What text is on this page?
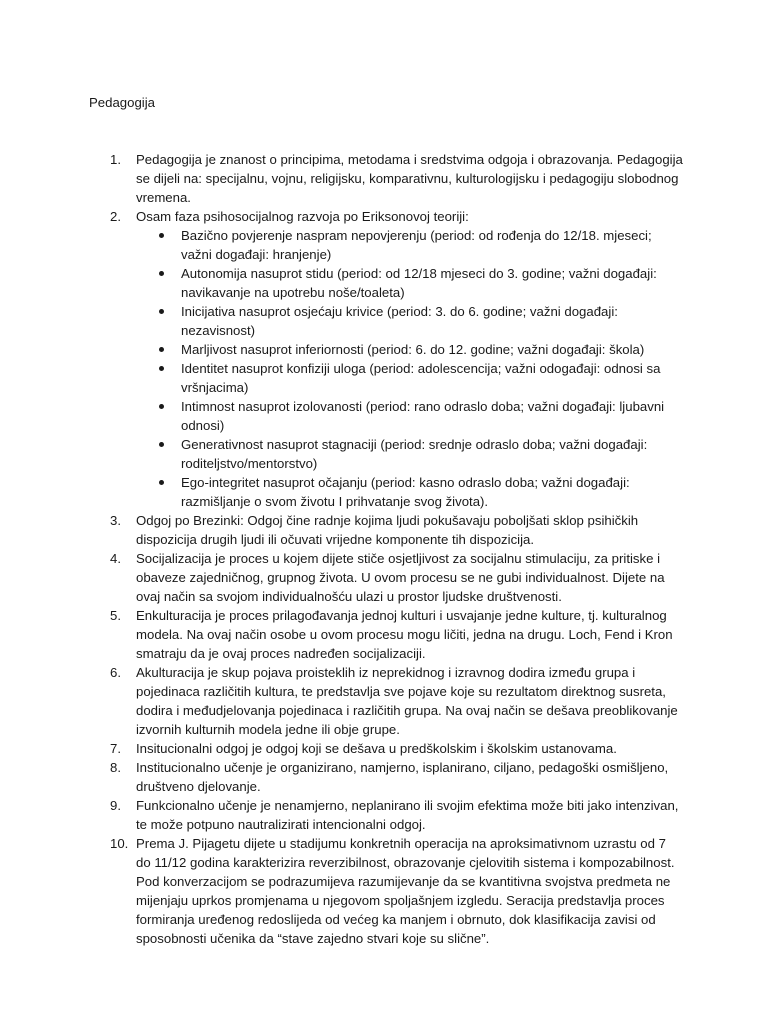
Pedagogija
1. Pedagogija je znanost o principima, metodama i sredstvima odgoja i obrazovanja. Pedagogija se dijeli na: specijalnu, vojnu, religijsku, komparativnu, kulturologijsku i pedagogiju slobodnog vremena.
2. Osam faza psihosocijalnog razvoja po Eriksonovoj teoriji:
Bazično povjerenje naspram nepovjerenju (period: od rođenja do 12/18. mjeseci; važni događaji: hranjenje)
Autonomija nasuprot stidu (period: od 12/18 mjeseci do 3. godine; važni događaji: navikavanje na upotrebu noše/toaleta)
Inicijativa nasuprot osjećaju krivice (period: 3. do 6. godine; važni događaji: nezavisnost)
Marljivost nasuprot inferiornosti (period: 6. do 12. godine; važni događaji: škola)
Identitet nasuprot konfiziji uloga (period: adolescencija; važni odogađaji: odnosi sa vršnjacima)
Intimnost nasuprot izolovanosti (period: rano odraslo doba; važni događaji: ljubavni odnosi)
Generativnost nasuprot stagnaciji (period: srednje odraslo doba; važni događaji: roditeljstvo/mentorstvo)
Ego-integritet nasuprot očajanju (period: kasno odraslo doba; važni događaji: razmišljanje o svom životu I prihvatanje svog života).
3. Odgoj po Brezinki: Odgoj čine radnje kojima ljudi pokušavaju poboljšati sklop psihičkih dispozicija drugih ljudi ili očuvati vrijedne komponente tih dispozicija.
4. Socijalizacija je proces u kojem dijete stiče osjetljivost za socijalnu stimulaciju, za pritiske i obaveze zajedničnog, grupnog života. U ovom procesu se ne gubi individualnost. Dijete na ovaj način sa svojom individualnošću ulazi u prostor ljudske društvenosti.
5. Enkulturacija je proces prilagođavanja jednoj kulturi i usvajanje jedne kulture, tj. kulturalnog modela. Na ovaj način osobe u ovom procesu mogu ličiti, jedna na drugu. Loch, Fend i Kron smatraju da je ovaj proces nadređen socijalizaciji.
6. Akulturacija je skup pojava proisteklih iz neprekidnog i izravnog dodira između grupa i pojedinaca različitih kultura, te predstavlja sve pojave koje su rezultatom direktnog susreta, dodira i međudjelovanja pojedinaca i različitih grupa. Na ovaj način se dešava preoblikovanje izvornih kulturnih modela jedne ili obje grupe.
7. Insitucionalni odgoj je odgoj koji se dešava u predškolskim i školskim ustanovama.
8. Institucionalno učenje je organizirano, namjerno, isplanirano, ciljano, pedagoški osmišljeno, društveno djelovanje.
9. Funkcionalno učenje je nenamjerno, neplanirano ili svojim efektima može biti jako intenzivan, te može potpuno nautralizirati intencionalni odgoj.
10. Prema J. Pijagetu dijete u stadijumu konkretnih operacija na aproksimativnom uzrastu od 7 do 11/12 godina karakterizira reverzibilnost, obrazovanje cjelovitih sistema i kompozabilnost. Pod konverzacijom se podrazumijeva razumijevanje da se kvantitivna svojstva predmeta ne mijenjaju uprkos promjenama u njegovom spoljašnjem izgledu. Seracija predstavlja proces formiranja uređenog redoslijeda od većeg ka manjem i obrnuto, dok klasifikacija zavisi od sposobnosti učenika da “stave zajedno stvari koje su slične”.
